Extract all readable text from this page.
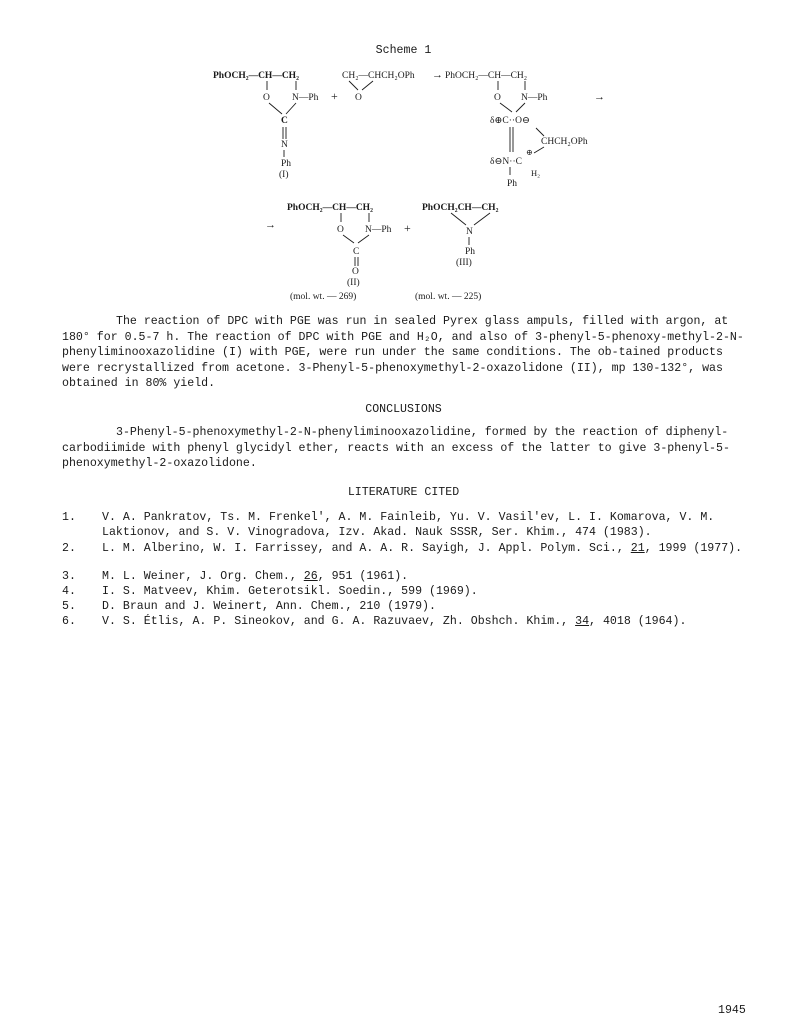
Scheme 1
PhOCH₂—CH—CH₂
O N—Ph
C
N
Ph
(I)
+
CH₂—CHCH₂OPh
O
→ PhOCH₂—CH—CH₂
O N—Ph	→
δ⊕C··O⊖
CHCH₂OPh
⊕
δ⊖N··C
H₂
Ph
→
PhOCH₂—CH—CH₂
O N—Ph +
C
O
(II)
PhOCH₂CH—CH₂
N
Ph
(III)
(mol. wt. — 269)	(mol. wt. — 225)
The reaction of DPC with PGE was run in sealed Pyrex glass ampuls, filled with argon, at 180° for 0.5-7 h. The reaction of DPC with PGE and H₂O, and also of 3-phenyl-5-phenoxy-methyl-2-N-phenyliminooxazolidine (I) with PGE, were run under the same conditions. The ob-tained products were recrystallized from acetone. 3-Phenyl-5-phenoxymethyl-2-oxazolidone (II), mp 130-132°, was obtained in 80% yield.
CONCLUSIONS
3-Phenyl-5-phenoxymethyl-2-N-phenyliminooxazolidine, formed by the reaction of diphenyl-carbodiimide with phenyl glycidyl ether, reacts with an excess of the latter to give 3-phenyl-5-phenoxymethyl-2-oxazolidone.
LITERATURE CITED
1. V. A. Pankratov, Ts. M. Frenkel', A. M. Fainleib, Yu. V. Vasil'ev, L. I. Komarova, V. M. Laktionov, and S. V. Vinogradova, Izv. Akad. Nauk SSSR, Ser. Khim., 474 (1983).
2. L. M. Alberino, W. I. Farrissey, and A. A. R. Sayigh, J. Appl. Polym. Sci., 21, 1999 (1977).
3. M. L. Weiner, J. Org. Chem., 26, 951 (1961).
4. I. S. Matveev, Khim. Geterotsikl. Soedin., 599 (1969).
5. D. Braun and J. Weinert, Ann. Chem., 210 (1979).
6. V. S. Étlis, A. P. Sineokov, and G. A. Razuvaev, Zh. Obshch. Khim., 34, 4018 (1964).
1945
